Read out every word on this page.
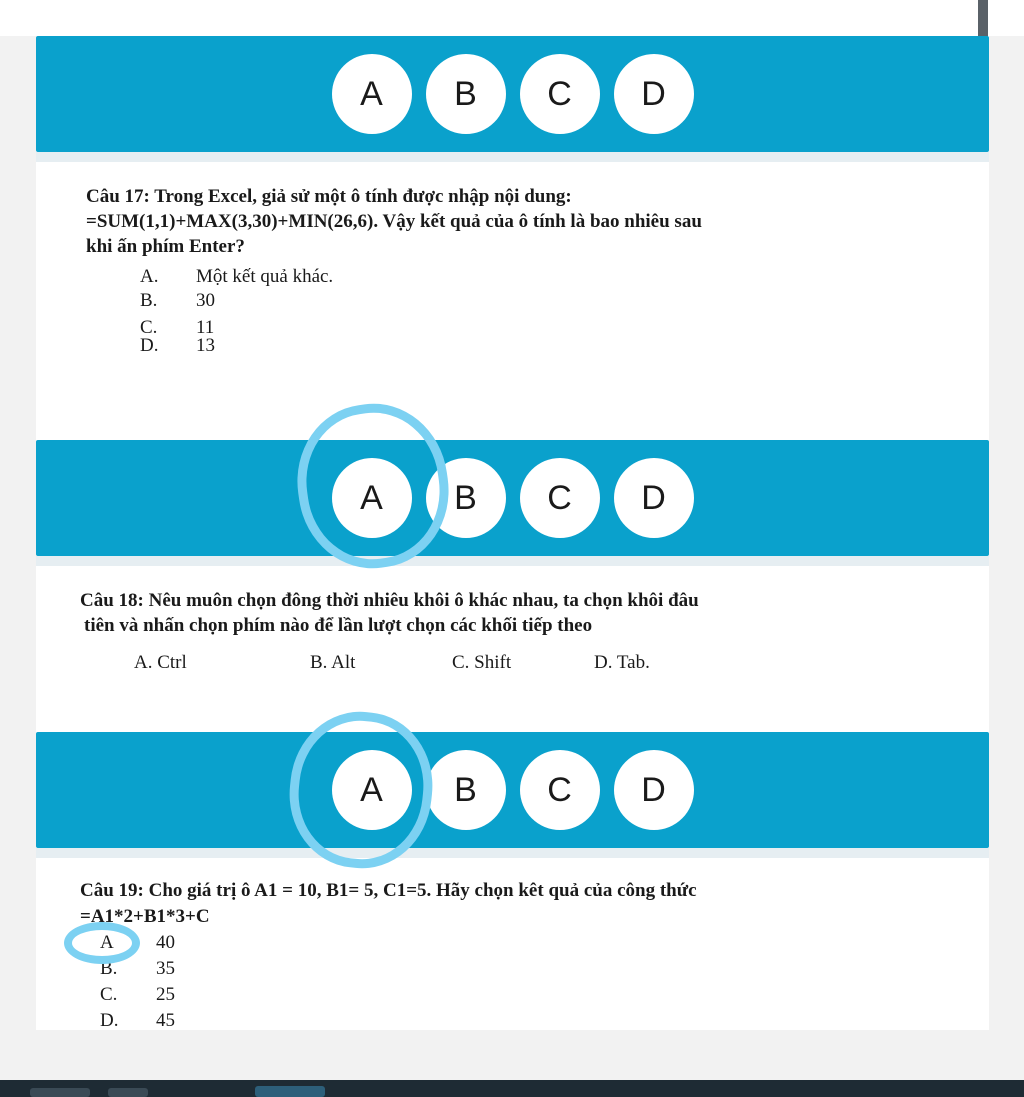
A	B	C	D

Câu 17: Trong Excel, giả sử một ô tính được nhập nội dung:

=SUM(1,1)+MAX(3,30)+MIN(26,6). Vậy kết quả của ô tính là bao nhiêu sau

khi ấn phím Enter?

A.	Một kết quả khác.
B.	30
C.	11
D.	13
A	B	C	D

Câu 18: Nêu muôn chọn đông thời nhiêu khôi ô khác nhau, ta chọn khôi đâu

tiên và nhấn chọn phím nào để lần lượt chọn các khối tiếp theo

A. Ctrl	B. Alt	C. Shift	D. Tab.
A	B	C	D

Câu 19: Cho giá trị ô A1 = 10, B1= 5, C1=5. Hãy chọn kêt quả của công thức

=A1*2+B1*3+C

A	40
B.	35
C.	25
D.	45
